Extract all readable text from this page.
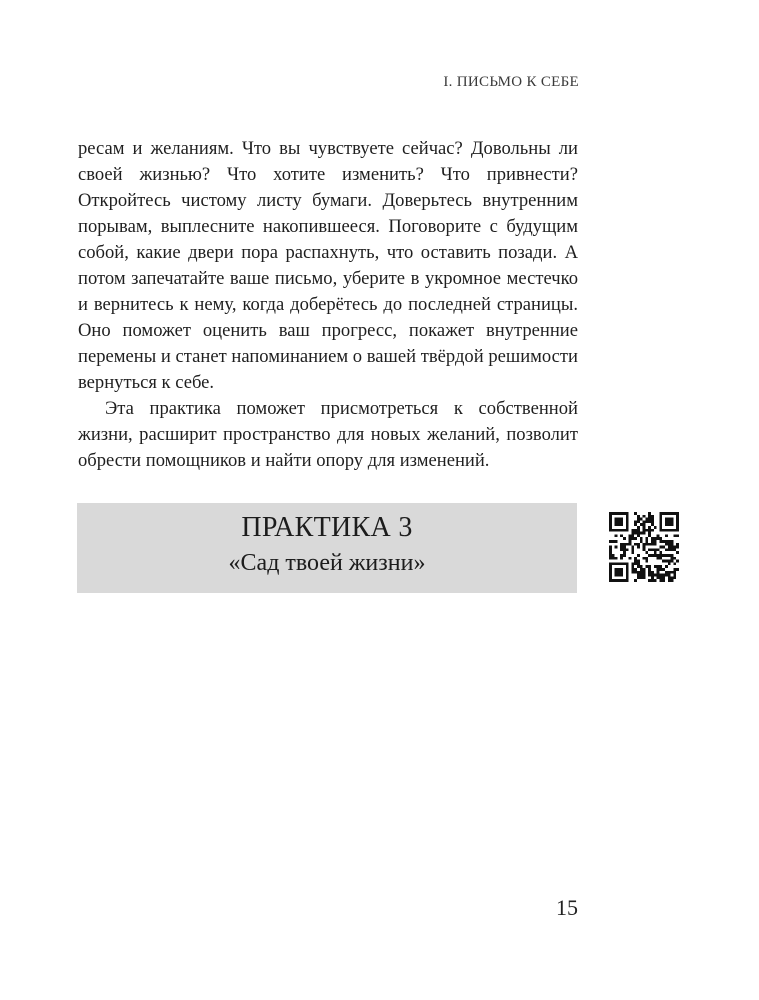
I. ПИСЬМО К СЕБЕ

ресам и желаниям. Что вы чувствуете сейчас? Довольны ли своей жизнью? Что хотите изменить? Что привнести? Откройтесь чистому листу бумаги. Доверьтесь внутренним порывам, выплесните накопившееся. Поговорите с будущим собой, какие двери пора распахнуть, что оставить позади. А потом запечатайте ваше письмо, уберите в укромное местечко и вернитесь к нему, когда доберётесь до последней страницы. Оно поможет оценить ваш прогресс, покажет внутренние перемены и станет напоминанием о вашей твёрдой решимости вернуться к себе.

Эта практика поможет присмотреться к собственной жизни, расширит пространство для новых желаний, позволит обрести помощников и найти опору для изменений.

ПРАКТИКА 3
«Сад твоей жизни»
15
